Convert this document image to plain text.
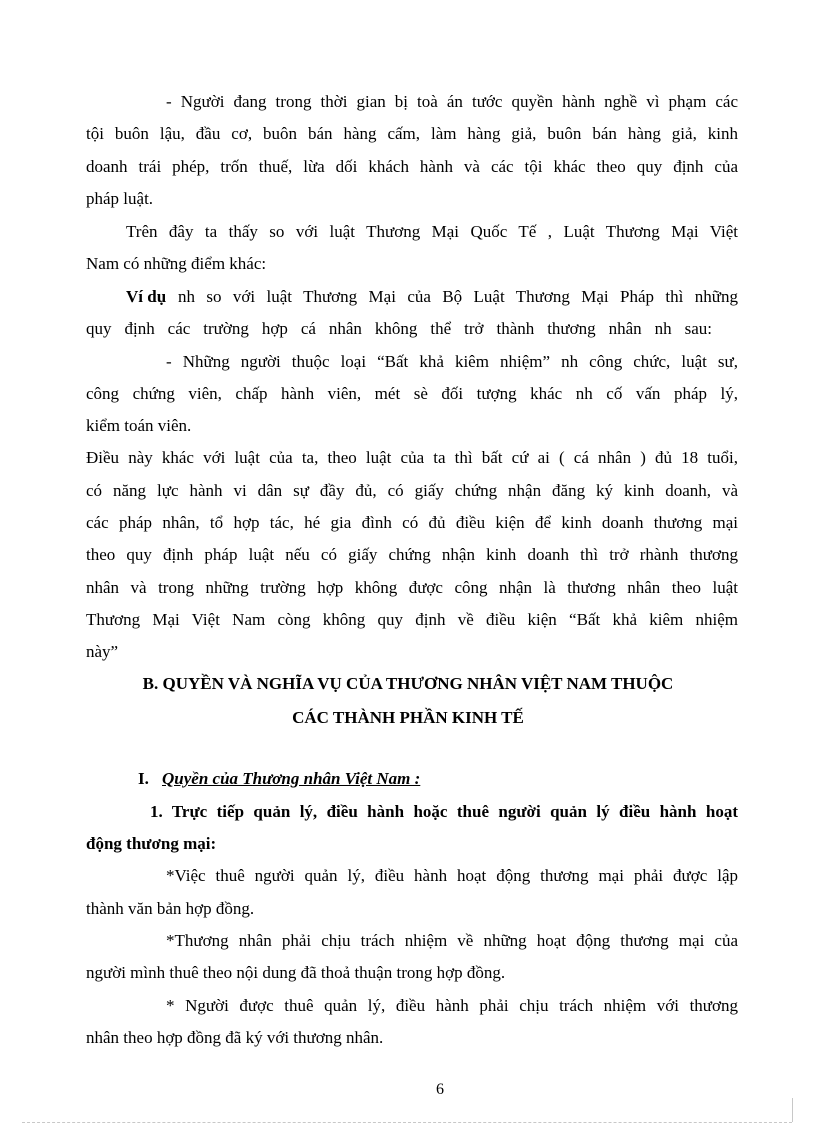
- Người đang trong thời gian bị toà án tước quyền hành nghề vì phạm các
tội buôn lậu, đầu cơ, buôn bán hàng cấm, làm hàng giả, buôn bán hàng giả, kinh
doanh trái phép, trốn thuế, lừa dối khách hành và các tội khác theo quy định của
pháp luật.
Trên đây ta thấy so với luật Thương Mại Quốc Tế , Luật Thương Mại Việt
Nam có những điểm khác:
Ví dụ nh so với luật Thương Mại của Bộ Luật Thương Mại Pháp thì những
quy định các trường hợp cá nhân không thể trở thành thương nhân nh sau:
- Những người thuộc loại “Bất khả kiêm nhiệm” nh công chức, luật sư,
công chứng viên, chấp hành viên, mét sè đối tượng khác nh cố vấn pháp lý,
kiểm toán viên.
Điều này khác với luật của ta, theo luật của ta thì bất cứ ai ( cá nhân ) đủ 18 tuổi,
có năng lực hành vi dân sự đầy đủ, có giấy chứng nhận đăng ký kinh doanh, và
các pháp nhân, tổ hợp tác, hé gia đình có đủ điều kiện để kinh doanh thương mại
theo quy định pháp luật nếu có giấy chứng nhận kinh doanh thì trở rhành thương
nhân và trong những trường hợp không được công nhận là thương nhân theo luật
Thương Mại Việt Nam còng không quy định về điều kiện “Bất khả kiêm nhiệm
này”
B. QUYỀN VÀ NGHĨA VỤ CỦA THƯƠNG NHÂN VIỆT NAM THUỘC
CÁC THÀNH PHẦN KINH TẾ
I. Quyền của Thương nhân Việt Nam :
1. Trực tiếp quản lý, điều hành hoặc thuê người quản lý điều hành hoạt
động thương mại:
*Việc thuê người quản lý, điều hành hoạt động thương mại phải được lập
thành văn bản hợp đồng.
*Thương nhân phải chịu trách nhiệm về những hoạt động thương mại của
người mình thuê theo nội dung đã thoả thuận trong hợp đồng.
* Người được thuê quản lý, điều hành phải chịu trách nhiệm với thương
nhân theo hợp đồng đã ký với thương nhân.
6
